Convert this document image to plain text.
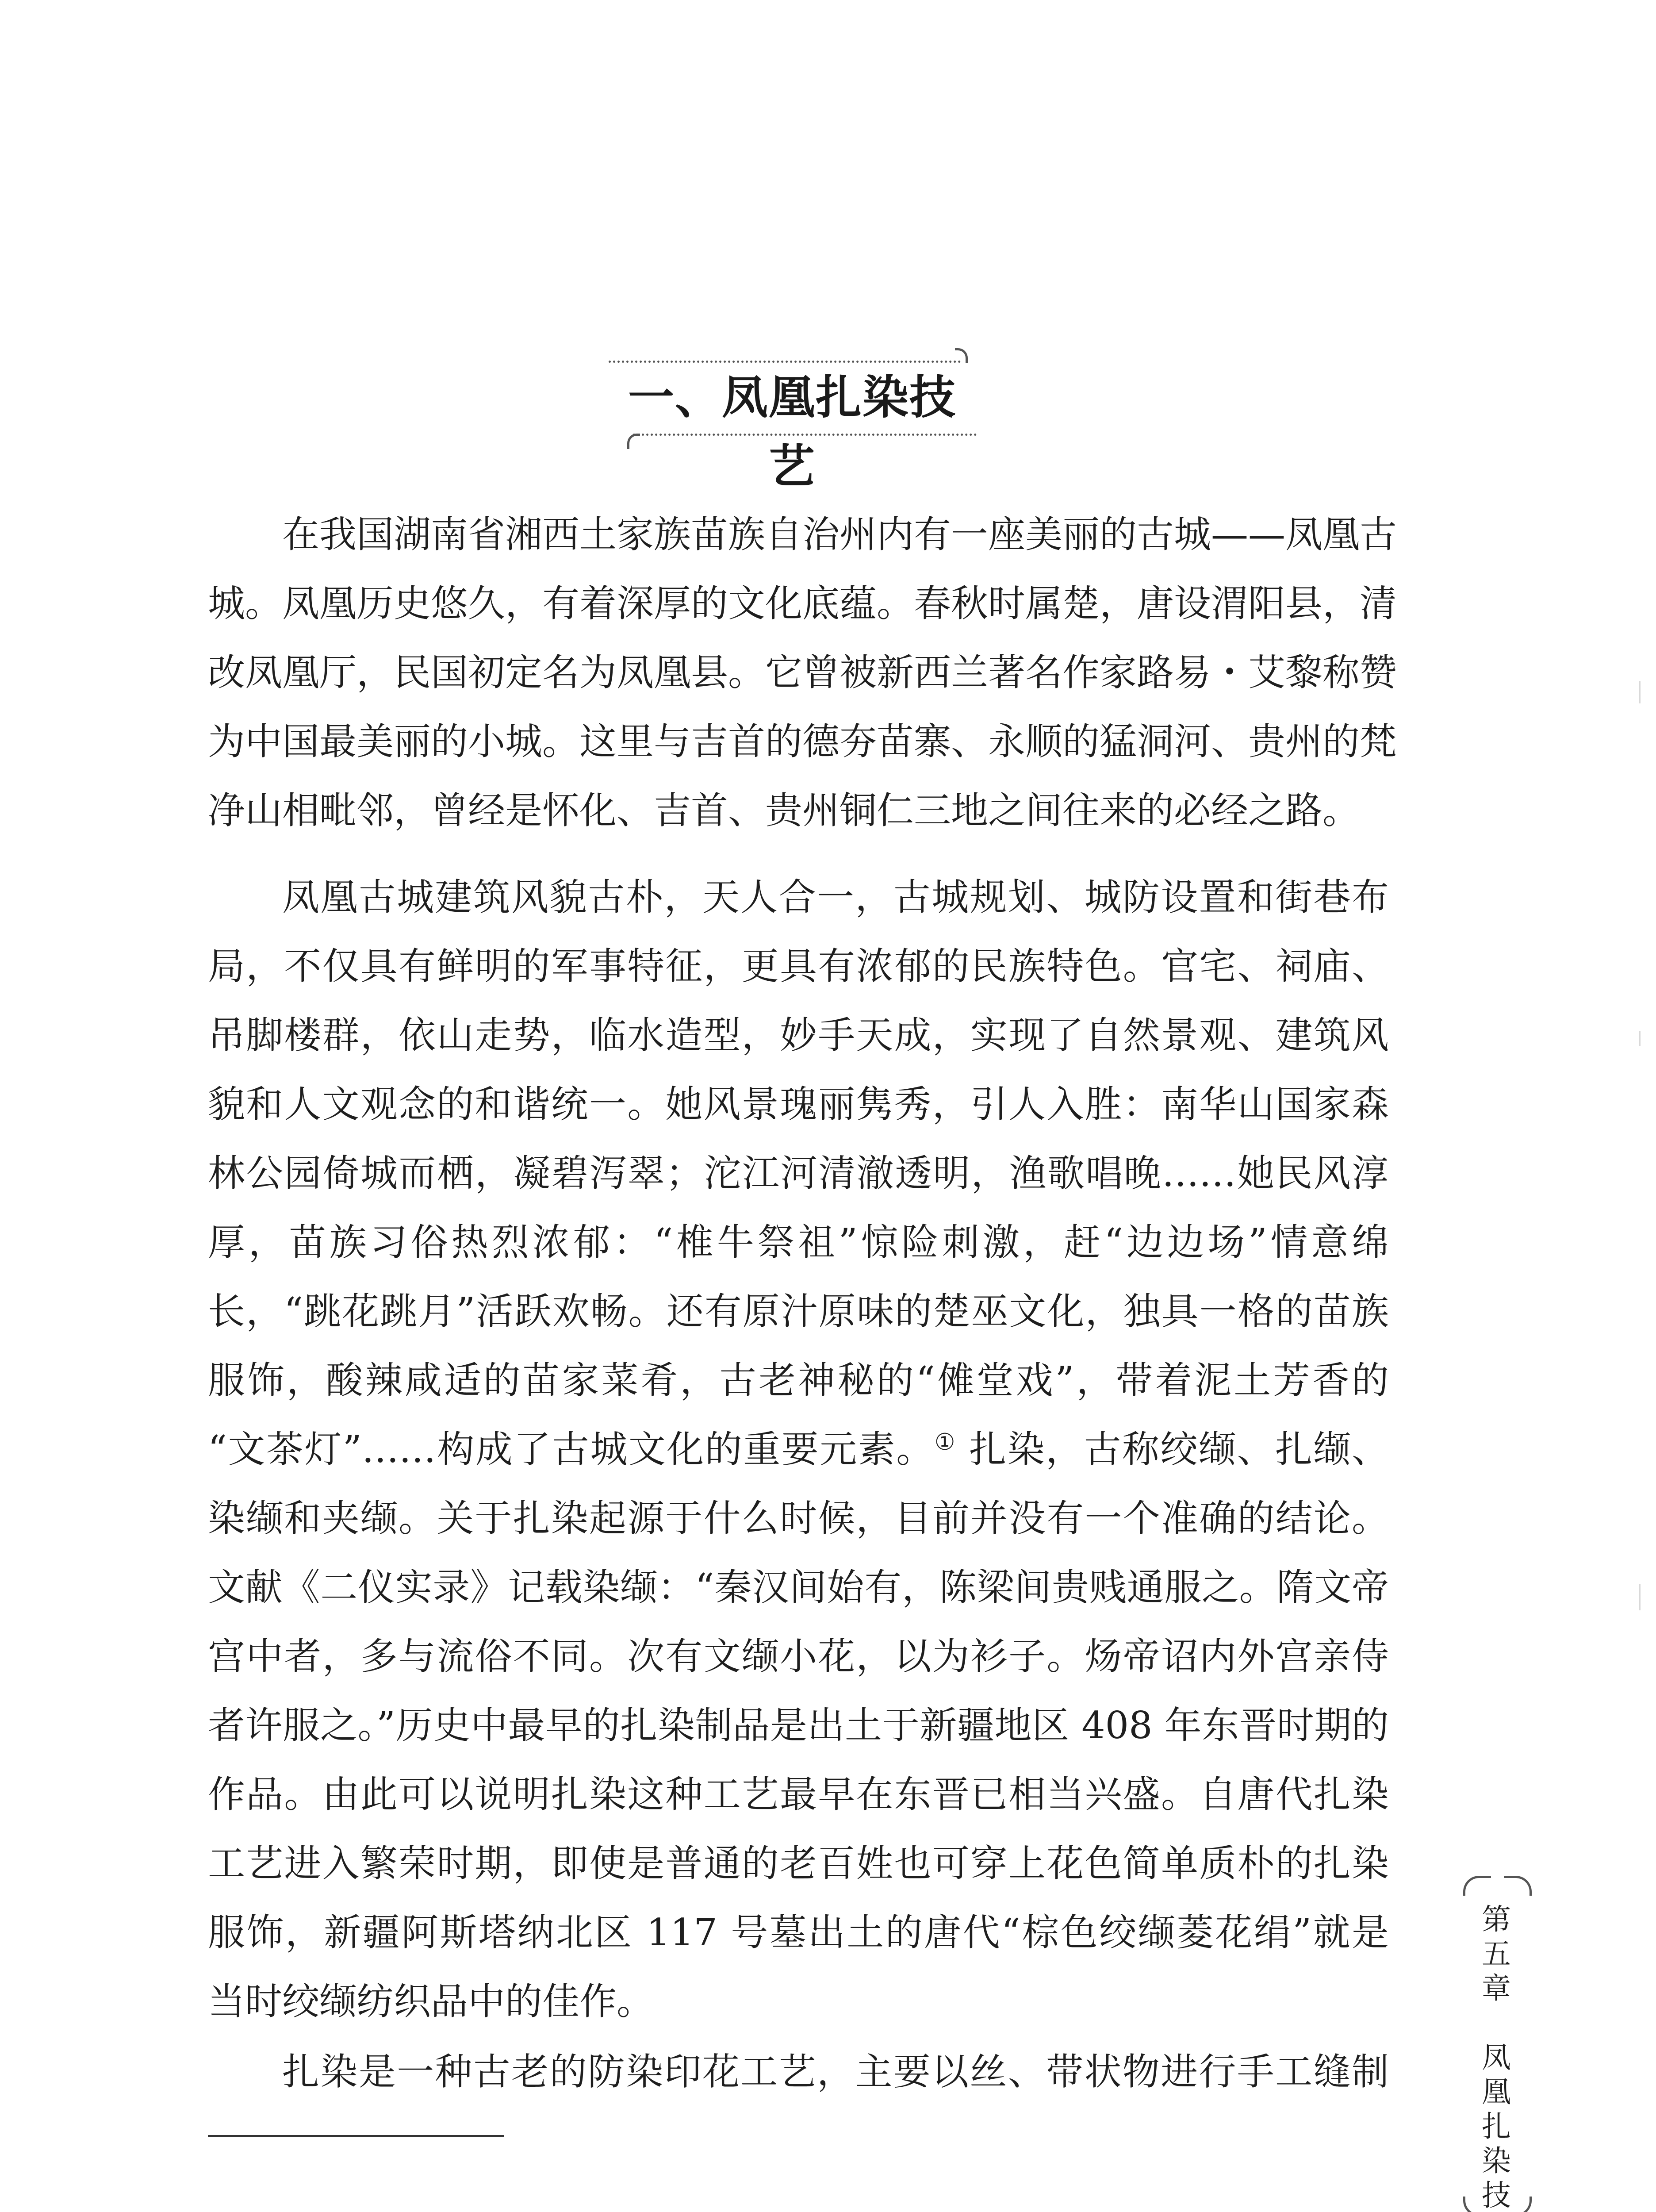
一、凤凰扎染技艺

在我国湖南省湘西土家族苗族自治州内有一座美丽的古城——凤凰古
城。凤凰历史悠久，有着深厚的文化底蕴。春秋时属楚，唐设渭阳县，清
改凤凰厅，民国初定名为凤凰县。它曾被新西兰著名作家路易・艾黎称赞
为中国最美丽的小城。这里与吉首的德夯苗寨、永顺的猛洞河、贵州的梵
净山相毗邻，曾经是怀化、吉首、贵州铜仁三地之间往来的必经之路。

凤凰古城建筑风貌古朴，天人合一，古城规划、城防设置和街巷布
局，不仅具有鲜明的军事特征，更具有浓郁的民族特色。官宅、祠庙、
吊脚楼群，依山走势，临水造型，妙手天成，实现了自然景观、建筑风
貌和人文观念的和谐统一。她风景瑰丽隽秀，引人入胜：南华山国家森
林公园倚城而栖，凝碧泻翠；沱江河清澈透明，渔歌唱晚……她民风淳
厚，苗族习俗热烈浓郁：“椎牛祭祖”惊险刺激，赶“边边场”情意绵
长，“跳花跳月”活跃欢畅。还有原汁原味的楚巫文化，独具一格的苗族
服饰，酸辣咸适的苗家菜肴，古老神秘的“傩堂戏”，带着泥土芳香的
“文茶灯”……构成了古城文化的重要元素。① 扎染，古称绞缬、扎缬、
染缬和夹缬。关于扎染起源于什么时候，目前并没有一个准确的结论。
文献《二仪实录》记载染缬：“秦汉间始有，陈梁间贵贱通服之。隋文帝
宫中者，多与流俗不同。次有文缬小花，以为衫子。炀帝诏内外宫亲侍
者许服之。”历史中最早的扎染制品是出土于新疆地区 408 年东晋时期的
作品。由此可以说明扎染这种工艺最早在东晋已相当兴盛。自唐代扎染
工艺进入繁荣时期，即使是普通的老百姓也可穿上花色简单质朴的扎染
服饰，新疆阿斯塔纳北区 117 号墓出土的唐代“棕色绞缬菱花绢”就是
当时绞缬纺织品中的佳作。

扎染是一种古老的防染印花工艺，主要以丝、带状物进行手工缝制

第
五
章

凤
凰
扎
染
技
